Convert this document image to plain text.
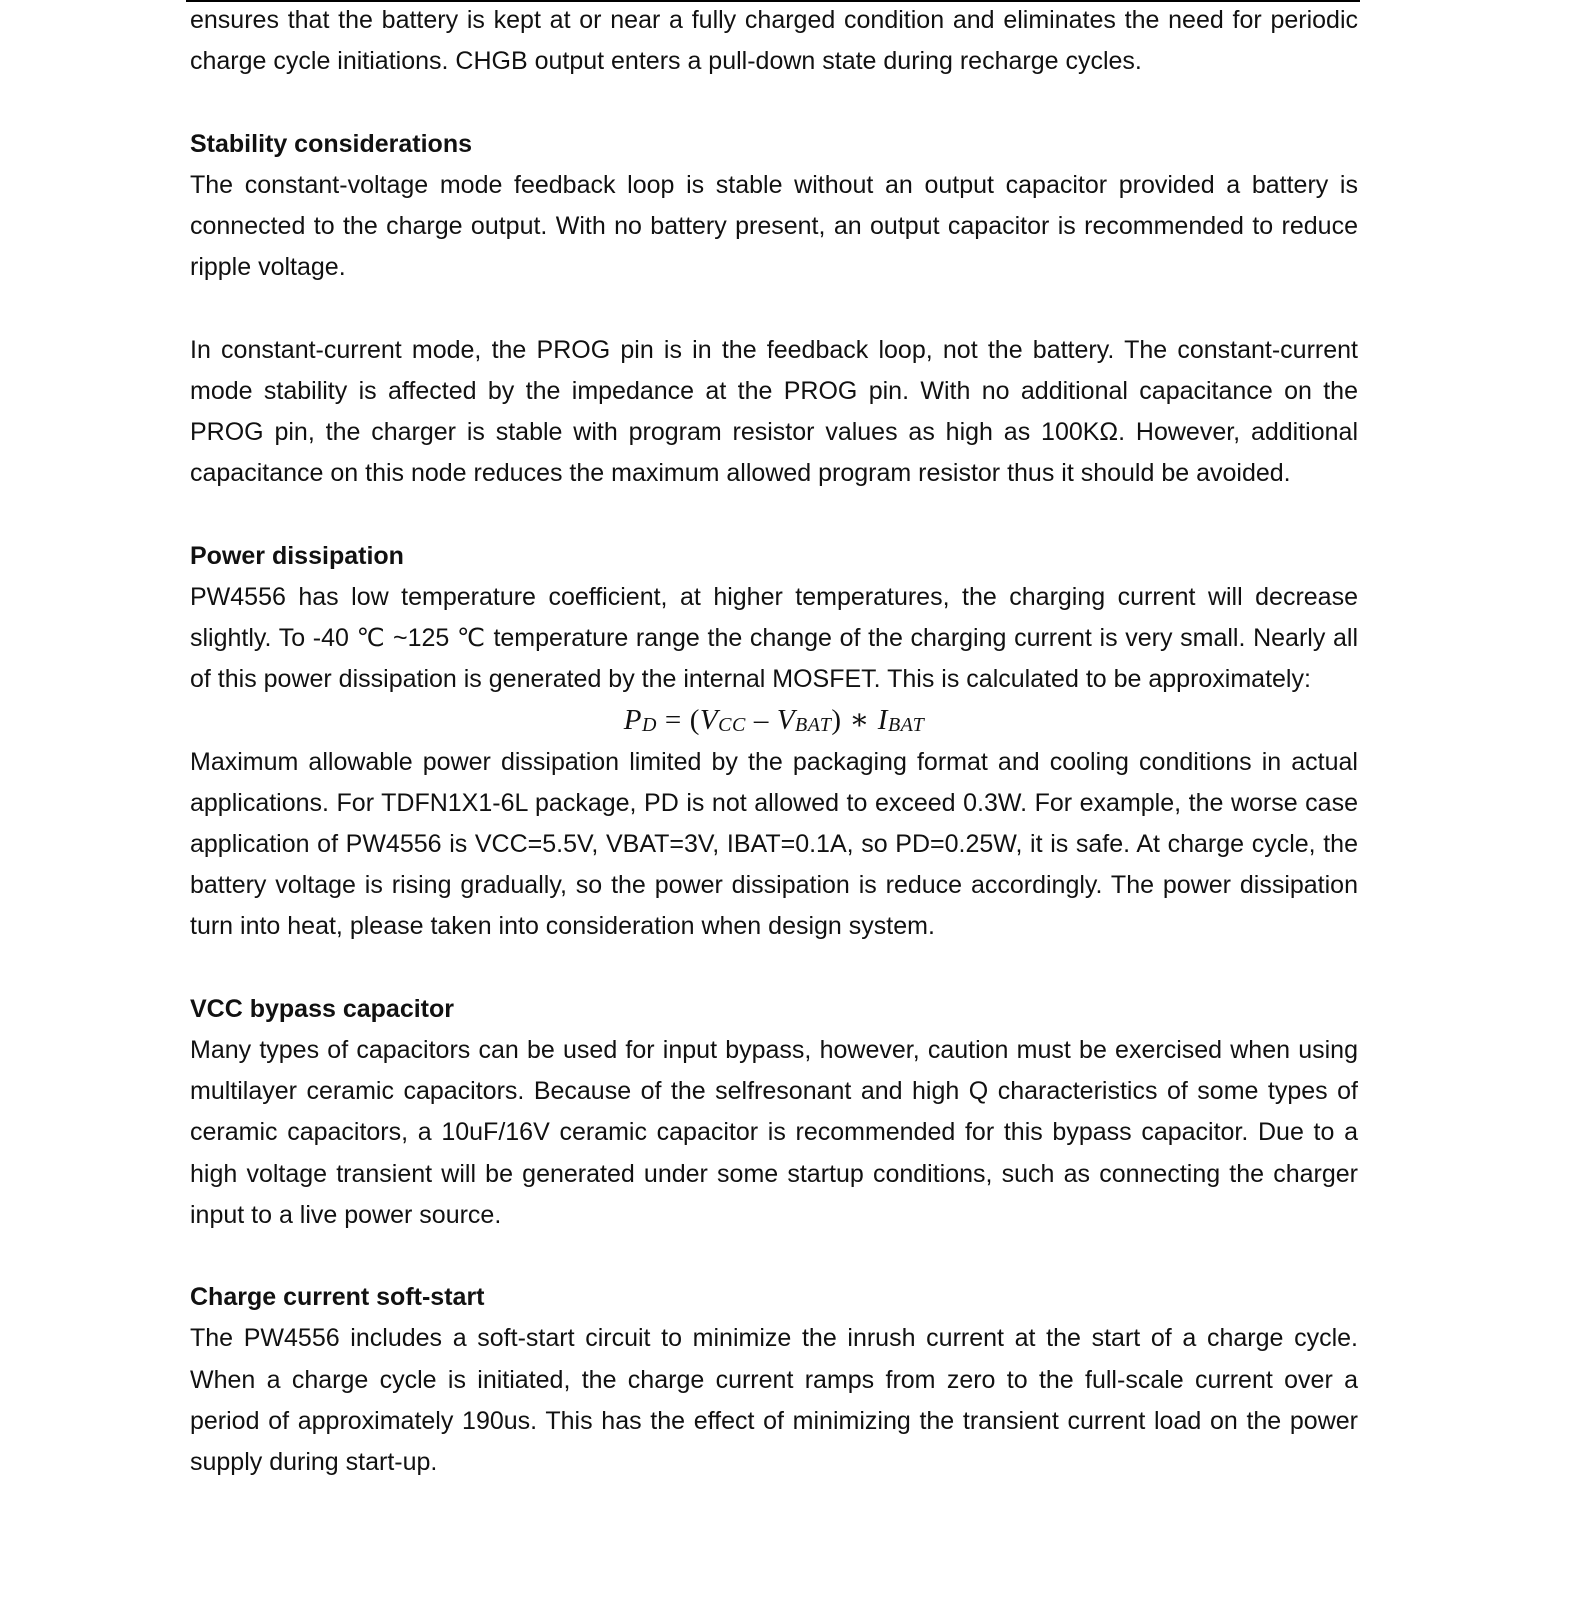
ensures that the battery is kept at or near a fully charged condition and eliminates the need for periodic charge cycle initiations. CHGB output enters a pull-down state during recharge cycles.

Stability considerations

The constant-voltage mode feedback loop is stable without an output capacitor provided a battery is connected to the charge output. With no battery present, an output capacitor is recommended to reduce ripple voltage.

In constant-current mode, the PROG pin is in the feedback loop, not the battery. The constant-current mode stability is affected by the impedance at the PROG pin. With no additional capacitance on the PROG pin, the charger is stable with program resistor values as high as 100KΩ. However, additional capacitance on this node reduces the maximum allowed program resistor thus it should be avoided.

Power dissipation

PW4556 has low temperature coefficient, at higher temperatures, the charging current will decrease slightly. To -40 ℃ ~125 ℃ temperature range the change of the charging current is very small. Nearly all of this power dissipation is generated by the internal MOSFET. This is calculated to be approximately:

PD = (VCC – VBAT) ∗ IBAT

Maximum allowable power dissipation limited by the packaging format and cooling conditions in actual applications. For TDFN1X1-6L package, PD is not allowed to exceed 0.3W. For example, the worse case application of PW4556 is VCC=5.5V, VBAT=3V, IBAT=0.1A, so PD=0.25W, it is safe. At charge cycle, the battery voltage is rising gradually, so the power dissipation is reduce accordingly. The power dissipation turn into heat, please taken into consideration when design system.

VCC bypass capacitor

Many types of capacitors can be used for input bypass, however, caution must be exercised when using multilayer ceramic capacitors. Because of the selfresonant and high Q characteristics of some types of ceramic capacitors, a 10uF/16V ceramic capacitor is recommended for this bypass capacitor. Due to a high voltage transient will be generated under some startup conditions, such as connecting the charger input to a live power source.

Charge current soft-start

The PW4556 includes a soft-start circuit to minimize the inrush current at the start of a charge cycle. When a charge cycle is initiated, the charge current ramps from zero to the full-scale current over a period of approximately 190us. This has the effect of minimizing the transient current load on the power supply during start-up.
